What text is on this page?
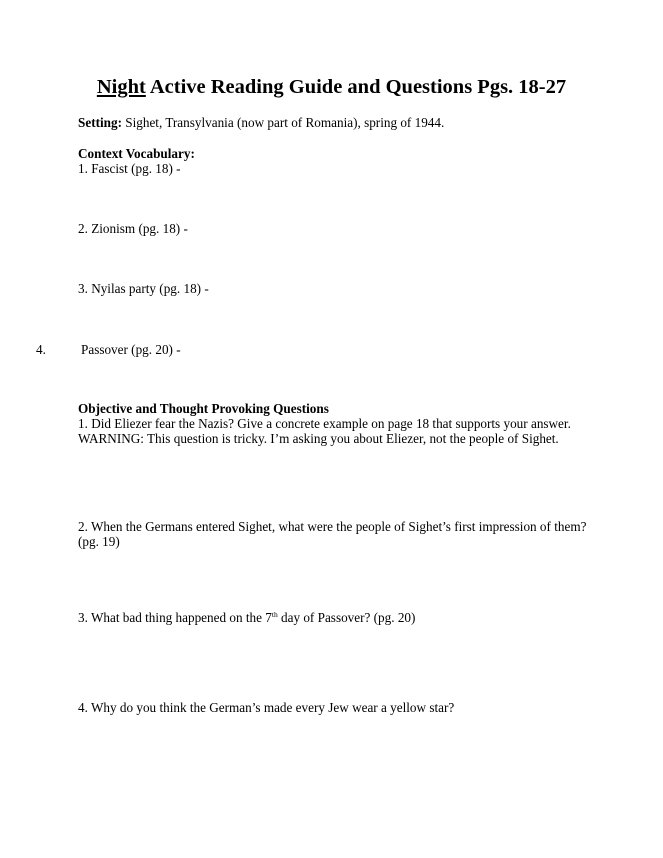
Night Active Reading Guide and Questions Pgs. 18-27
Setting: Sighet, Transylvania (now part of Romania), spring of 1944.
Context Vocabulary:
1. Fascist (pg. 18) -
2. Zionism (pg. 18) -
3. Nyilas party (pg. 18) -
4.	Passover (pg. 20) -
Objective and Thought Provoking Questions
1. Did Eliezer fear the Nazis? Give a concrete example on page 18 that supports your answer.
WARNING: This question is tricky. I’m asking you about Eliezer, not the people of Sighet.
2. When the Germans entered Sighet, what were the people of Sighet’s first impression of them?
(pg. 19)
3. What bad thing happened on the 7th day of Passover? (pg. 20)
4. Why do you think the German’s made every Jew wear a yellow star?
